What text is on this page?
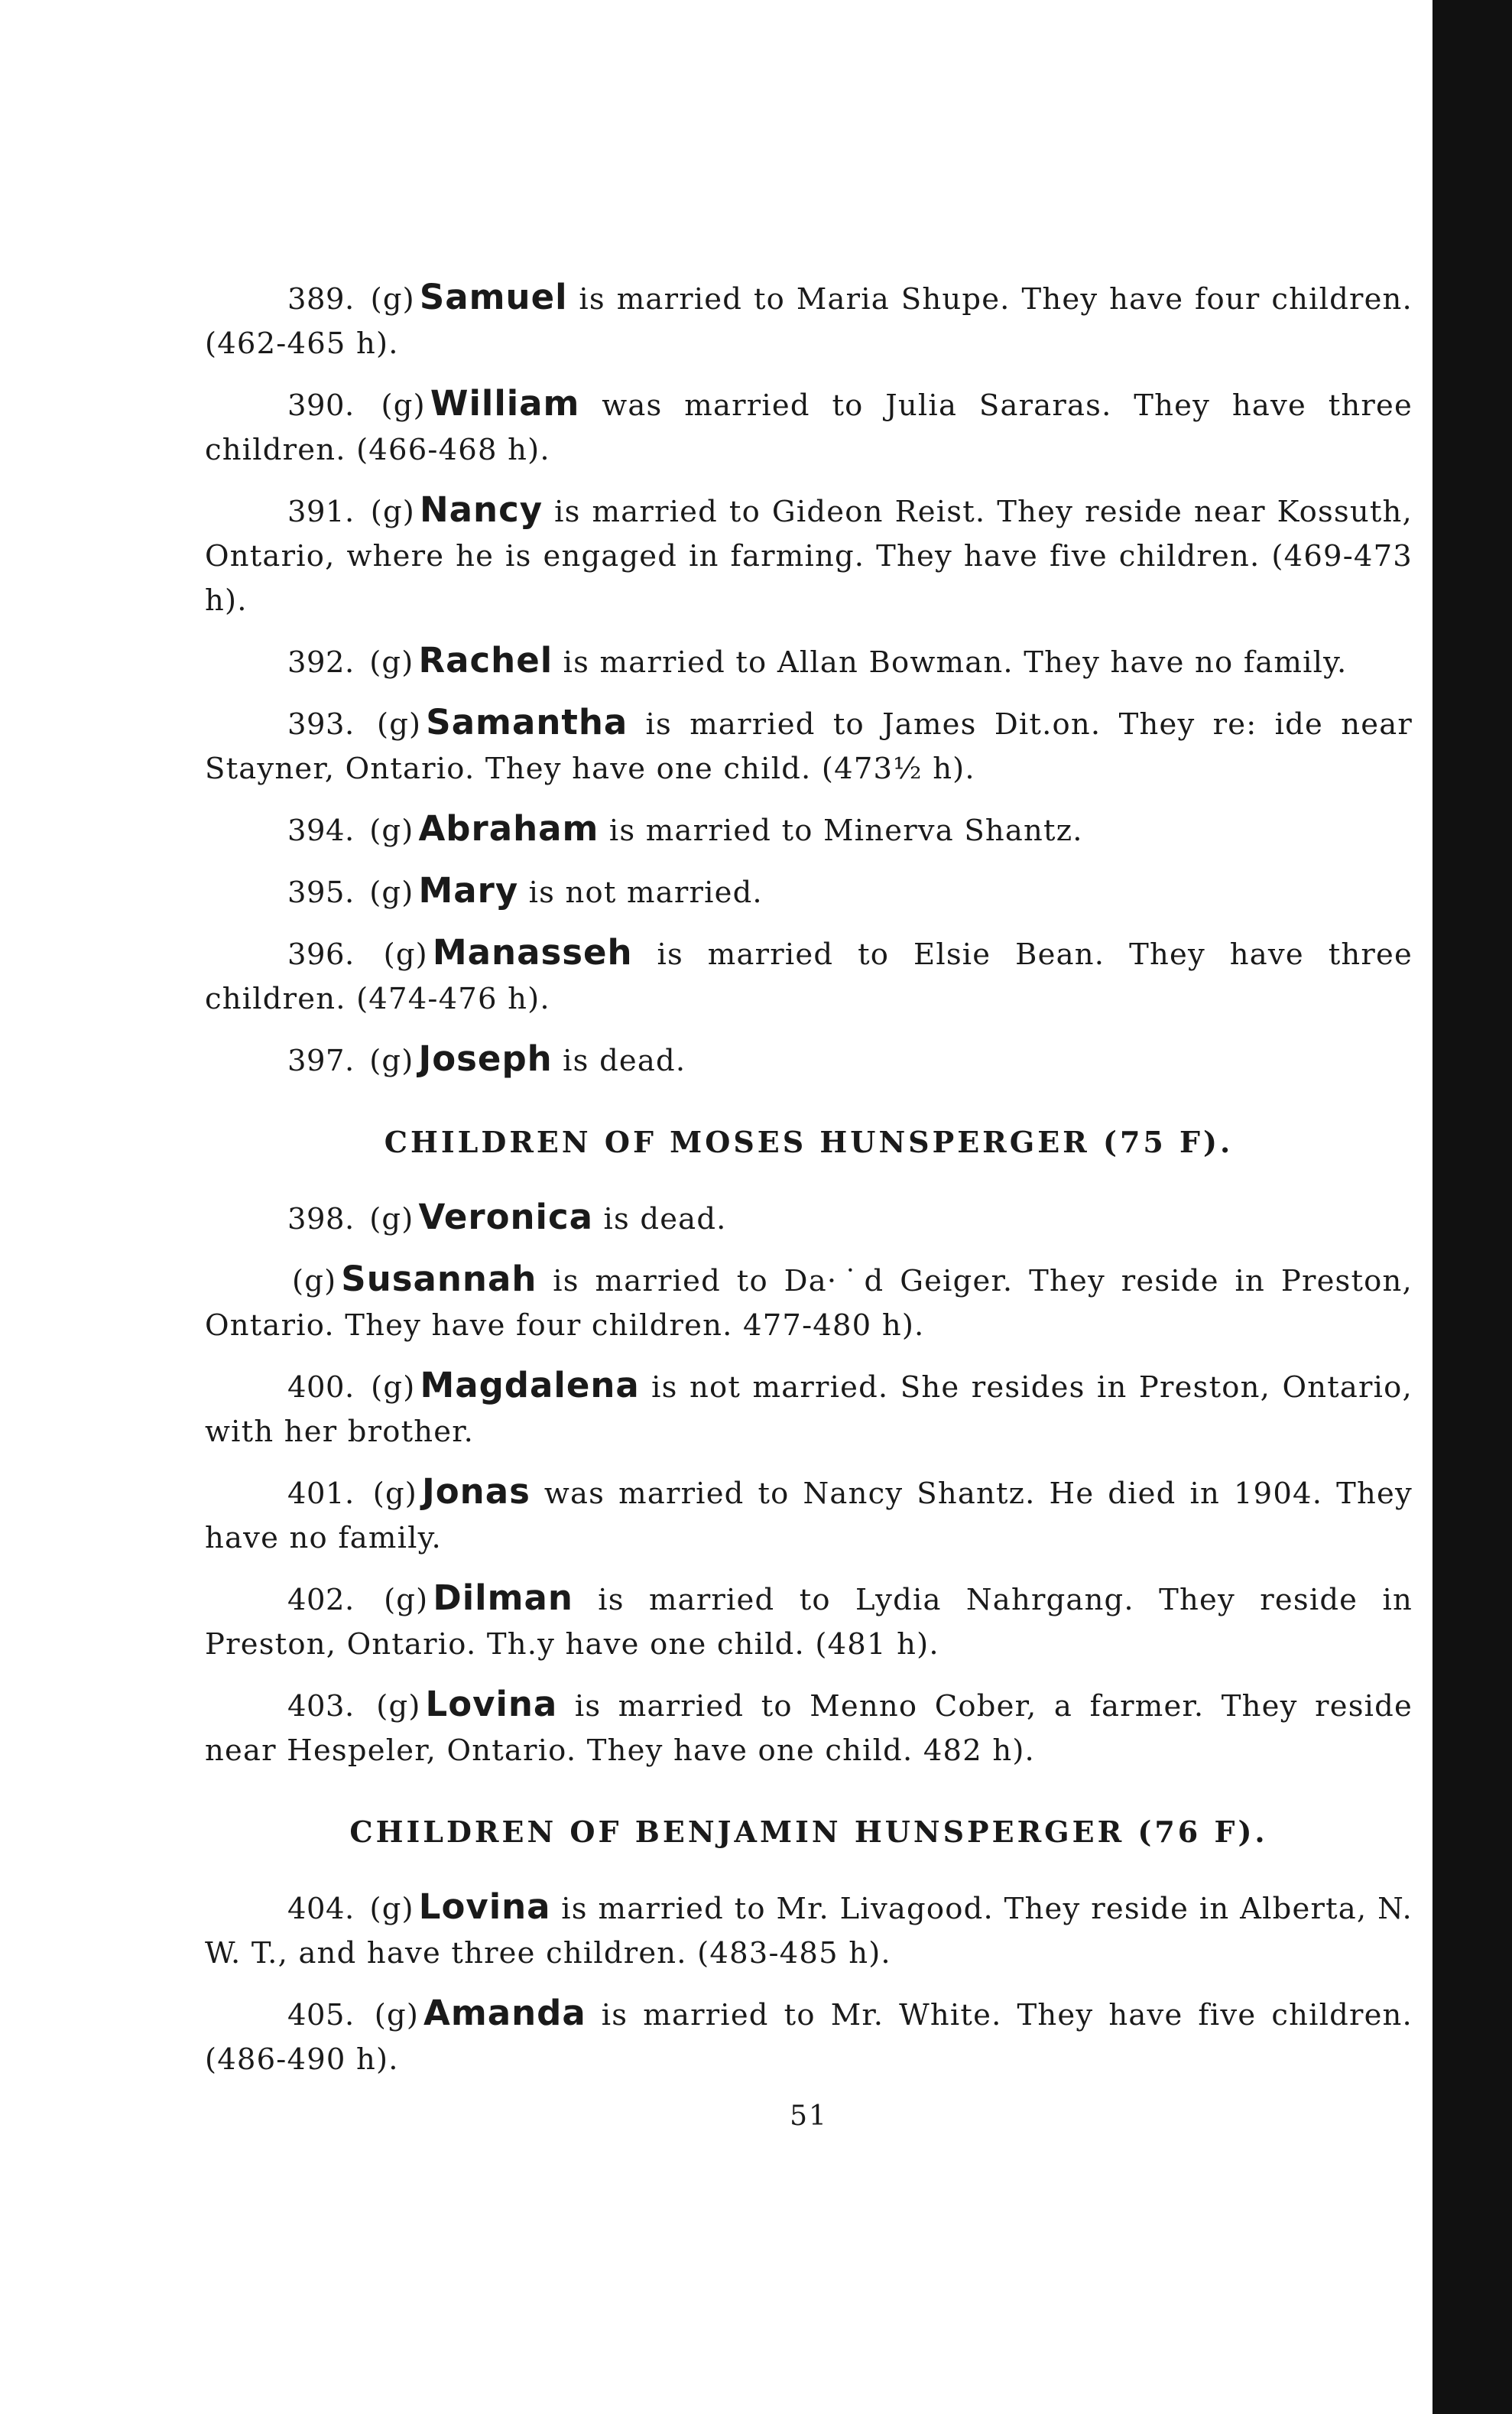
389. (g) Samuel is married to Maria Shupe. They have four children. (462-465 h).

390. (g) William was married to Julia Sararas. They have three children. (466-468 h).

391. (g) Nancy is married to Gideon Reist. They reside near Kossuth, Ontario, where he is engaged in farming. They have five children. (469-473 h).

392. (g) Rachel is married to Allan Bowman. They have no family.

393. (g) Samantha is married to James Dit.on. They re: ide near Stayner, Ontario. They have one child. (473½ h).

394. (g) Abraham is married to Minerva Shantz.

395. (g) Mary is not married.

396. (g) Manasseh is married to Elsie Bean. They have three children. (474-476 h).

397. (g) Joseph is dead.

CHILDREN OF MOSES HUNSPERGER (75 F).

398. (g) Veronica is dead.

(g) Susannah is married to Da·˙d Geiger. They reside in Preston, Ontario. They have four children. 477-480 h).

400. (g) Magdalena is not married. She resides in Preston, Ontario, with her brother.

401. (g) Jonas was married to Nancy Shantz. He died in 1904. They have no family.

402. (g) Dilman is married to Lydia Nahrgang. They reside in Preston, Ontario. Th.y have one child. (481 h).

403. (g) Lovina is married to Menno Cober, a farmer. They reside near Hespeler, Ontario. They have one child. 482 h).

CHILDREN OF BENJAMIN HUNSPERGER (76 F).

404. (g) Lovina is married to Mr. Livagood. They reside in Alberta, N. W. T., and have three children. (483-485 h).

405. (g) Amanda is married to Mr. White. They have five children. (486-490 h).

51
